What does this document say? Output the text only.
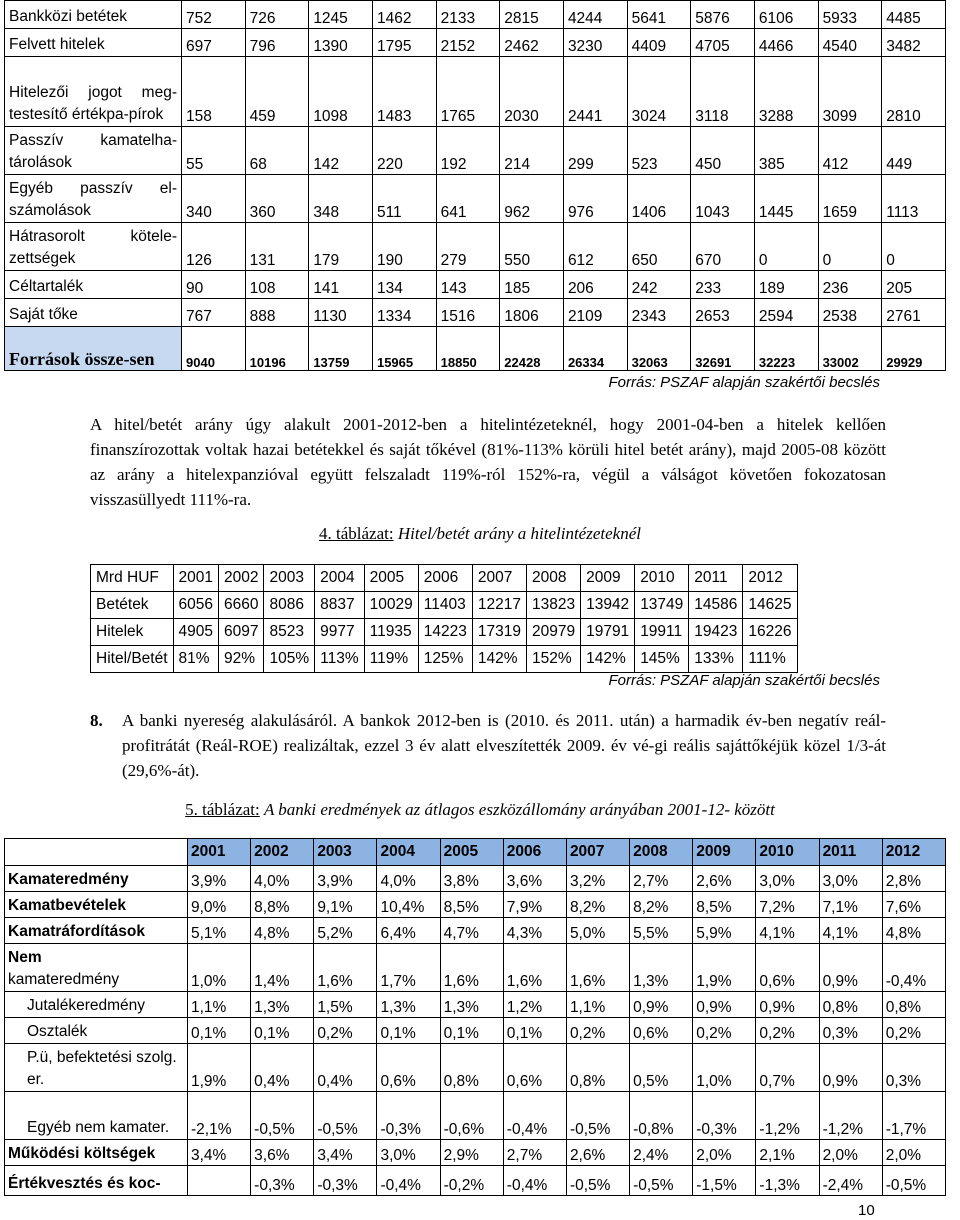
Bankközi betétek	752	726	1245	1462	2133	2815	4244	5641	5876	6106	5933	4485
Felvett hitelek	697	796	1390	1795	2152	2462	3230	4409	4705	4466	4540	3482
Hitelezői jogot meg-testesítő értékpa-pírok	158	459	1098	1483	1765	2030	2441	3024	3118	3288	3099	2810
Passzív kamatelha-tárolások	55	68	142	220	192	214	299	523	450	385	412	449
Egyéb passzív el-számolások	340	360	348	511	641	962	976	1406	1043	1445	1659	1113
Hátrasorolt kötele-zettségek	126	131	179	190	279	550	612	650	670	0	0	0
Céltartalék	90	108	141	134	143	185	206	242	233	189	236	205
Saját tőke	767	888	1130	1334	1516	1806	2109	2343	2653	2594	2538	2761
Források össze-sen	9040	10196	13759	15965	18850	22428	26334	32063	32691	32223	33002	29929
Forrás: PSZAF alapján szakértői becslés
A hitel/betét arány úgy alakult 2001-2012-ben a hitelintézeteknél, hogy 2001-04-ben a hitelek kellően finanszírozottak voltak hazai betétekkel és saját tőkével (81%-113% körüli hitel betét arány), majd 2005-08 között az arány a hitelexpanzióval együtt felszaladt 119%-ról 152%-ra, végül a válságot követően fokozatosan visszasüllyedt 111%-ra.
4. táblázat: Hitel/betét arány a hitelintézeteknél
Mrd HUF	2001	2002	2003	2004	2005	2006	2007	2008	2009	2010	2011	2012
Betétek	6056	6660	8086	8837	10029	11403	12217	13823	13942	13749	14586	14625
Hitelek	4905	6097	8523	9977	11935	14223	17319	20979	19791	19911	19423	16226
Hitel/Betét	81%	92%	105%	113%	119%	125%	142%	152%	142%	145%	133%	111%
Forrás: PSZAF alapján szakértői becslés
8. A banki nyereség alakulásáról. A bankok 2012-ben is (2010. és 2011. után) a harmadik év-ben negatív reál-profitrátát (Reál-ROE) realizáltak, ezzel 3 év alatt elveszítették 2009. év vé-gi reális sajáttőkéjük közel 1/3-át (29,6%-át).
5. táblázat: A banki eredmények az átlagos eszközállomány arányában 2001-12- között
	2001	2002	2003	2004	2005	2006	2007	2008	2009	2010	2011	2012
Kamateredmény	3,9%	4,0%	3,9%	4,0%	3,8%	3,6%	3,2%	2,7%	2,6%	3,0%	3,0%	2,8%
Kamatbevételek	9,0%	8,8%	9,1%	10,4%	8,5%	7,9%	8,2%	8,2%	8,5%	7,2%	7,1%	7,6%
Kamatráfordítások	5,1%	4,8%	5,2%	6,4%	4,7%	4,3%	5,0%	5,5%	5,9%	4,1%	4,1%	4,8%
Nem
kamateredmény	1,0%	1,4%	1,6%	1,7%	1,6%	1,6%	1,6%	1,3%	1,9%	0,6%	0,9%	-0,4%
Jutalékeredmény	1,1%	1,3%	1,5%	1,3%	1,3%	1,2%	1,1%	0,9%	0,9%	0,9%	0,8%	0,8%
Osztalék	0,1%	0,1%	0,2%	0,1%	0,1%	0,1%	0,2%	0,6%	0,2%	0,2%	0,3%	0,2%
P.ü, befektetési szolg. er.	1,9%	0,4%	0,4%	0,6%	0,8%	0,6%	0,8%	0,5%	1,0%	0,7%	0,9%	0,3%
Egyéb nem kamater.	-2,1%	-0,5%	-0,5%	-0,3%	-0,6%	-0,4%	-0,5%	-0,8%	-0,3%	-1,2%	-1,2%	-1,7%
Működési költségek	3,4%	3,6%	3,4%	3,0%	2,9%	2,7%	2,6%	2,4%	2,0%	2,1%	2,0%	2,0%
Értékvesztés és koc-		-0,3%	-0,3%	-0,4%	-0,2%	-0,4%	-0,5%	-0,5%	-1,5%	-1,3%	-2,4%	-0,5%
10
